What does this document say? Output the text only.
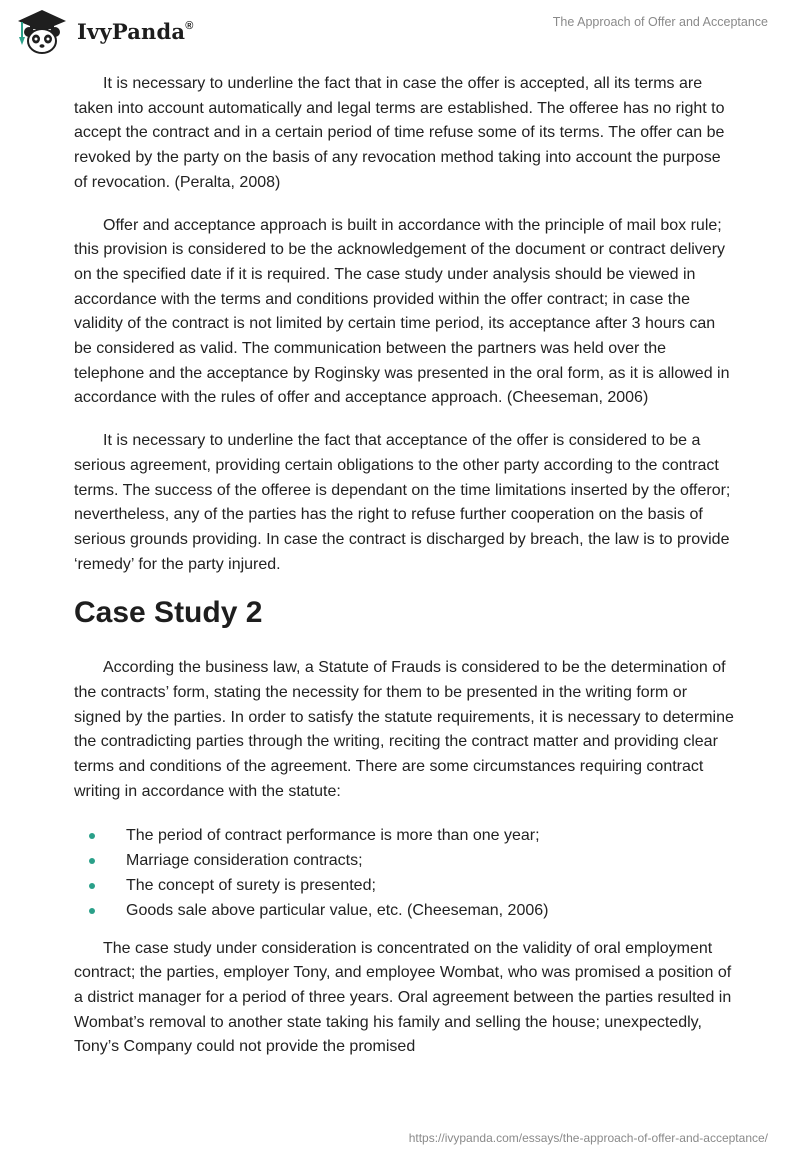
IvyPanda®	The Approach of Offer and Acceptance

It is necessary to underline the fact that in case the offer is accepted, all its terms are taken into account automatically and legal terms are established. The offeree has no right to accept the contract and in a certain period of time refuse some of its terms. The offer can be revoked by the party on the basis of any revocation method taking into account the purpose of revocation. (Peralta, 2008)

Offer and acceptance approach is built in accordance with the principle of mail box rule; this provision is considered to be the acknowledgement of the document or contract delivery on the specified date if it is required. The case study under analysis should be viewed in accordance with the terms and conditions provided within the offer contract; in case the validity of the contract is not limited by certain time period, its acceptance after 3 hours can be considered as valid. The communication between the partners was held over the telephone and the acceptance by Roginsky was presented in the oral form, as it is allowed in accordance with the rules of offer and acceptance approach. (Cheeseman, 2006)

It is necessary to underline the fact that acceptance of the offer is considered to be a serious agreement, providing certain obligations to the other party according to the contract terms. The success of the offeree is dependant on the time limitations inserted by the offeror; nevertheless, any of the parties has the right to refuse further cooperation on the basis of serious grounds providing. In case the contract is discharged by breach, the law is to provide ‘remedy’ for the party injured.

Case Study 2

According the business law, a Statute of Frauds is considered to be the determination of the contracts’ form, stating the necessity for them to be presented in the writing form or signed by the parties. In order to satisfy the statute requirements, it is necessary to determine the contradicting parties through the writing, reciting the contract matter and providing clear terms and conditions of the agreement. There are some circumstances requiring contract writing in accordance with the statute:

The period of contract performance is more than one year;
Marriage consideration contracts;
The concept of surety is presented;
Goods sale above particular value, etc. (Cheeseman, 2006)

The case study under consideration is concentrated on the validity of oral employment contract; the parties, employer Tony, and employee Wombat, who was promised a position of a district manager for a period of three years. Oral agreement between the parties resulted in Wombat’s removal to another state taking his family and selling the house; unexpectedly, Tony’s Company could not provide the promised

https://ivypanda.com/essays/the-approach-of-offer-and-acceptance/
